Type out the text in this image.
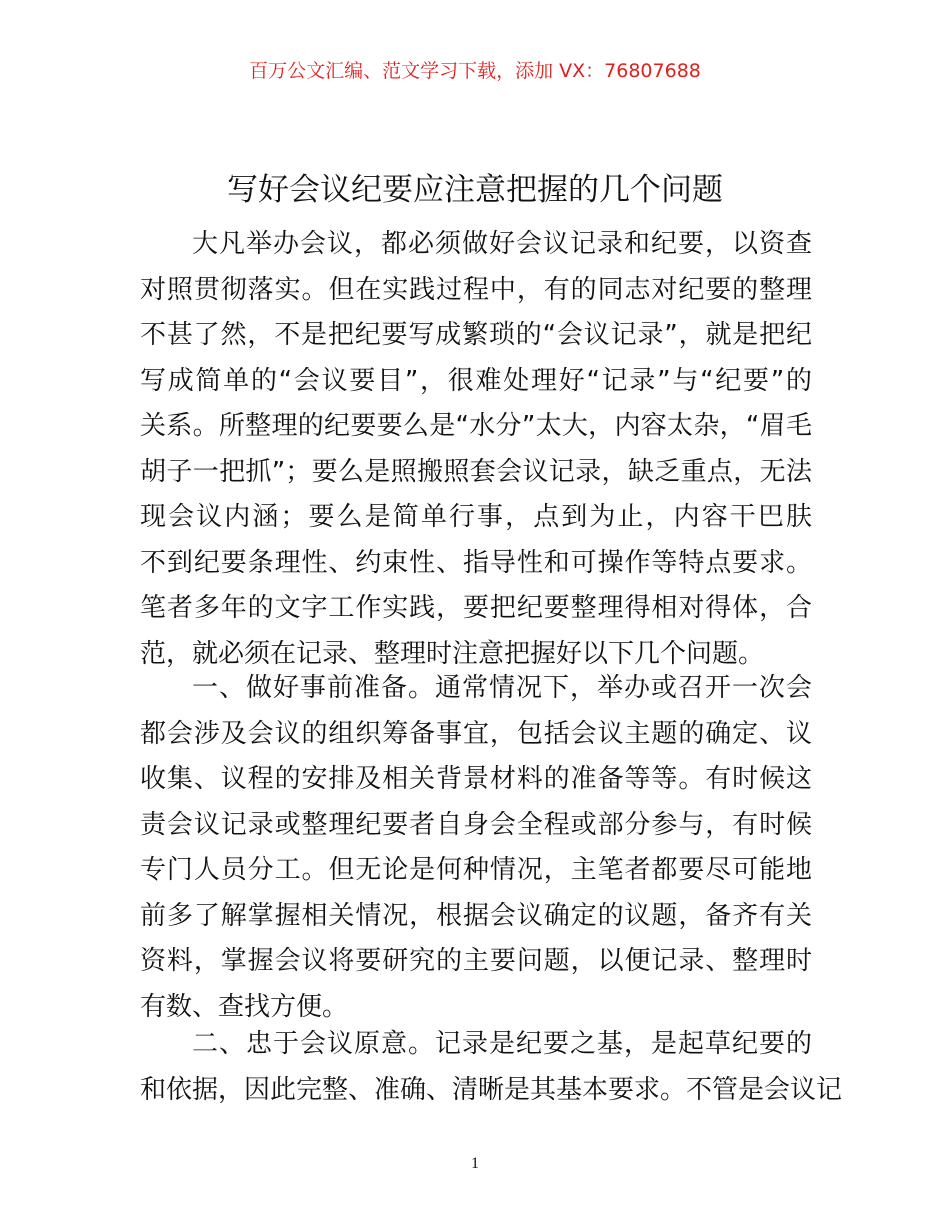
百万公文汇编、范文学习下载，添加 VX：76807688
写好会议纪要应注意把握的几个问题
大凡举办会议，都必须做好会议记录和纪要，以资查
对照贯彻落实。但在实践过程中，有的同志对纪要的整理
不甚了然，不是把纪要写成繁琐的“会议记录”，就是把纪
写成简单的“会议要目”，很难处理好“记录”与“纪要”的
关系。所整理的纪要要么是“水分”太大，内容太杂，“眉毛
胡子一把抓”；要么是照搬照套会议记录，缺乏重点，无法
现会议内涵；要么是简单行事，点到为止，内容干巴肤
不到纪要条理性、约束性、指导性和可操作等特点要求。
笔者多年的文字工作实践，要把纪要整理得相对得体，合
范，就必须在记录、整理时注意把握好以下几个问题。
一、做好事前准备。通常情况下，举办或召开一次会
都会涉及会议的组织筹备事宜，包括会议主题的确定、议
收集、议程的安排及相关背景材料的准备等等。有时候这
责会议记录或整理纪要者自身会全程或部分参与，有时候
专门人员分工。但无论是何种情况，主笔者都要尽可能地
前多了解掌握相关情况，根据会议确定的议题，备齐有关
资料，掌握会议将要研究的主要问题，以便记录、整理时
有数、查找方便。
二、忠于会议原意。记录是纪要之基，是起草纪要的
和依据，因此完整、准确、清晰是其基本要求。不管是会议记
1
